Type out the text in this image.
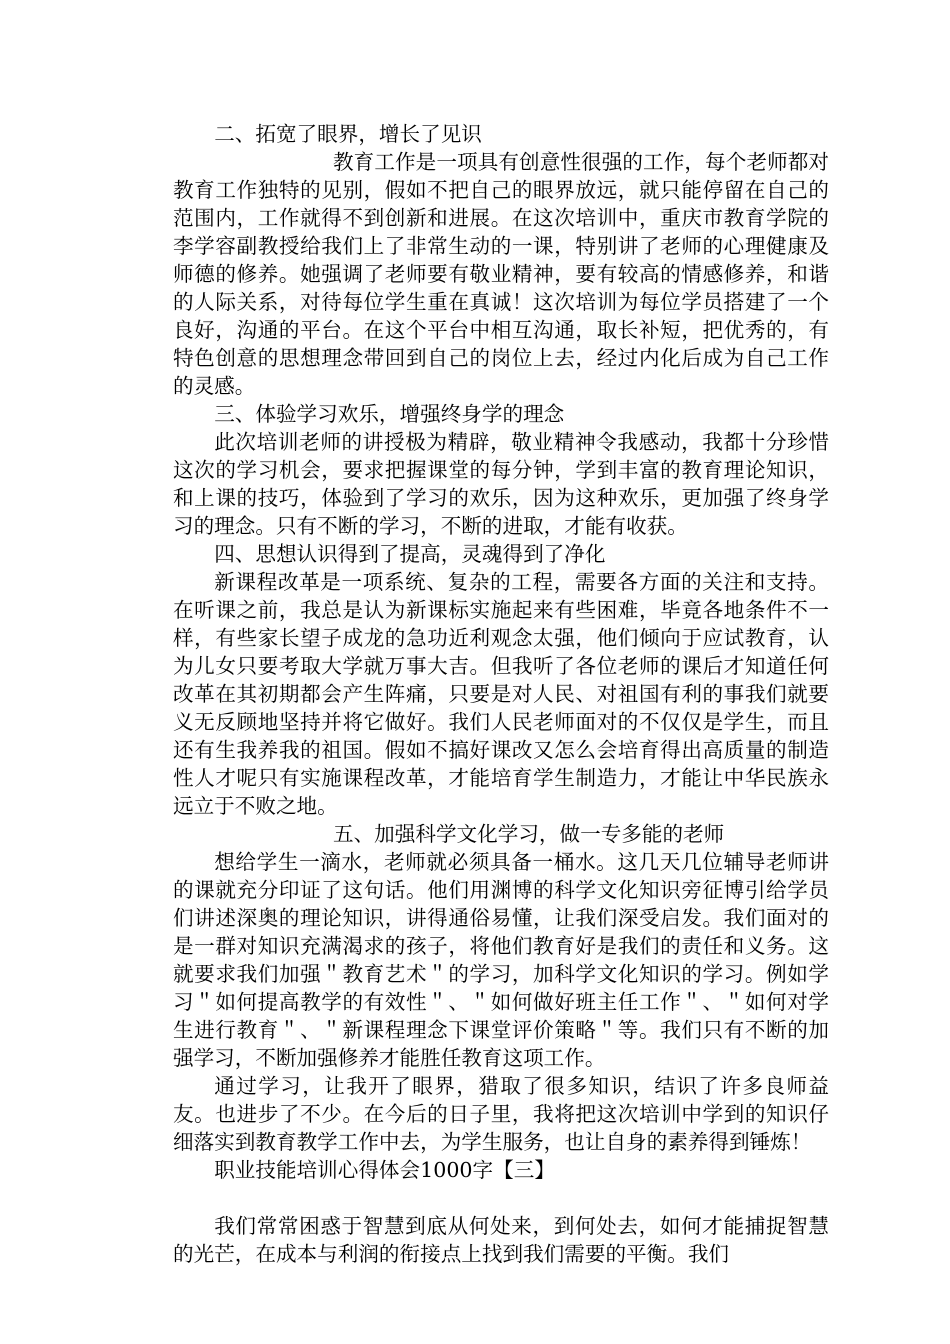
二、拓宽了眼界，增长了见识

教育工作是一项具有创意性很强的工作，每个老师都对教育工作独特的见别，假如不把自己的眼界放远，就只能停留在自己的范围内，工作就得不到创新和进展。在这次培训中，重庆市教育学院的李学容副教授给我们上了非常生动的一课，特别讲了老师的心理健康及师德的修养。她强调了老师要有敬业精神，要有较高的情感修养，和谐的人际关系，对待每位学生重在真诚！这次培训为每位学员搭建了一个良好，沟通的平台。在这个平台中相互沟通，取长补短，把优秀的，有特色创意的思想理念带回到自己的岗位上去，经过内化后成为自己工作的灵感。

三、体验学习欢乐，增强终身学的理念

此次培训老师的讲授极为精辟，敬业精神令我感动，我都十分珍惜这次的学习机会，要求把握课堂的每分钟，学到丰富的教育理论知识，和上课的技巧，体验到了学习的欢乐，因为这种欢乐，更加强了终身学习的理念。只有不断的学习，不断的进取，才能有收获。

四、思想认识得到了提高，灵魂得到了净化

新课程改革是一项系统、复杂的工程，需要各方面的关注和支持。在听课之前，我总是认为新课标实施起来有些困难，毕竟各地条件不一样，有些家长望子成龙的急功近利观念太强，他们倾向于应试教育，认为儿女只要考取大学就万事大吉。但我听了各位老师的课后才知道任何改革在其初期都会产生阵痛，只要是对人民、对祖国有利的事我们就要义无反顾地坚持并将它做好。我们人民老师面对的不仅仅是学生，而且还有生我养我的祖国。假如不搞好课改又怎么会培育得出高质量的制造性人才呢只有实施课程改革，才能培育学生制造力，才能让中华民族永远立于不败之地。

五、加强科学文化学习，做一专多能的老师

想给学生一滴水，老师就必须具备一桶水。这几天几位辅导老师讲的课就充分印证了这句话。他们用渊博的科学文化知识旁征博引给学员们讲述深奥的理论知识，讲得通俗易懂，让我们深受启发。我们面对的是一群对知识充满渴求的孩子，将他们教育好是我们的责任和义务。这就要求我们加强＂教育艺术＂的学习，加科学文化知识的学习。例如学习＂如何提高教学的有效性＂、＂如何做好班主任工作＂、＂如何对学生进行教育＂、＂新课程理念下课堂评价策略＂等。我们只有不断的加强学习，不断加强修养才能胜任教育这项工作。

通过学习，让我开了眼界，猎取了很多知识，结识了许多良师益友。也进步了不少。在今后的日子里，我将把这次培训中学到的知识仔细落实到教育教学工作中去，为学生服务，也让自身的素养得到锤炼！

职业技能培训心得体会1000字【三】

我们常常困惑于智慧到底从何处来，到何处去，如何才能捕捉智慧的光芒，在成本与利润的衔接点上找到我们需要的平衡。我们
